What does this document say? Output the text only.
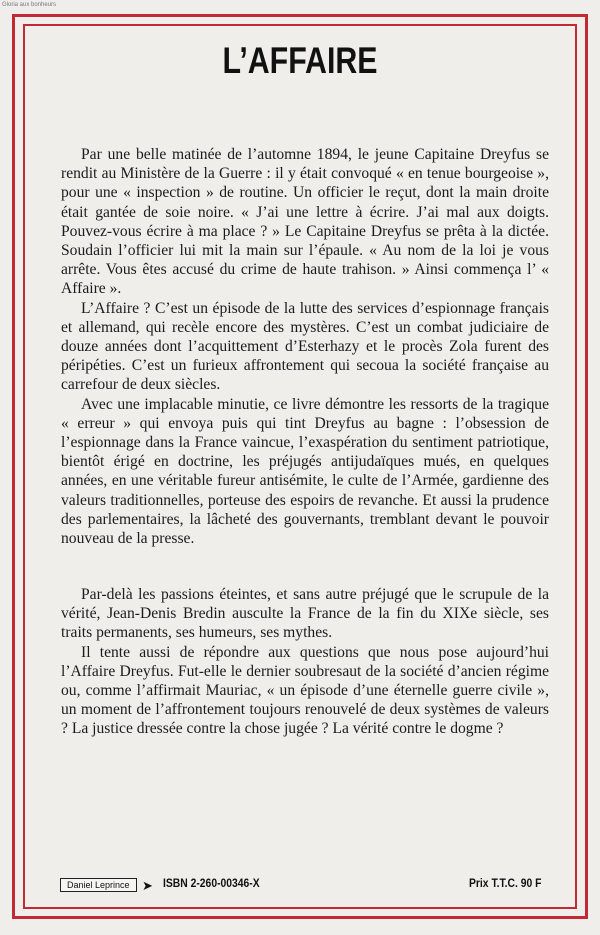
Gloria aux bonheurs
L’AFFAIRE

Par une belle matinée de l’automne 1894, le jeune Capitaine Dreyfus se rendit au Ministère de la Guerre : il y était convoqué « en tenue bourgeoise », pour une « inspection » de routine. Un officier le reçut, dont la main droite était gantée de soie noire. « J’ai une lettre à écrire. J’ai mal aux doigts. Pouvez-vous écrire à ma place ? » Le Capitaine Dreyfus se prêta à la dictée. Soudain l’officier lui mit la main sur l’épaule. « Au nom de la loi je vous arrête. Vous êtes accusé du crime de haute trahison. » Ainsi commença l’ « Affaire ».

L’Affaire ? C’est un épisode de la lutte des services d’espionnage français et allemand, qui recèle encore des mystères. C’est un combat judiciaire de douze années dont l’acquittement d’Esterhazy et le procès Zola furent des péripéties. C’est un furieux affrontement qui secoua la société française au carrefour de deux siècles.

Avec une implacable minutie, ce livre démontre les ressorts de la tragique « erreur » qui envoya puis qui tint Dreyfus au bagne : l’obsession de l’espionnage dans la France vaincue, l’exaspération du sentiment patriotique, bientôt érigé en doctrine, les préjugés antijudaïques mués, en quelques années, en une véritable fureur antisémite, le culte de l’Armée, gardienne des valeurs traditionnelles, porteuse des espoirs de revanche. Et aussi la prudence des parlementaires, la lâcheté des gouvernants, tremblant devant le pouvoir nouveau de la presse.

Par-delà les passions éteintes, et sans autre préjugé que le scrupule de la vérité, Jean-Denis Bredin ausculte la France de la fin du XIXe siècle, ses traits permanents, ses humeurs, ses mythes.

Il tente aussi de répondre aux questions que nous pose aujourd’hui l’Affaire Dreyfus. Fut-elle le dernier soubresaut de la société d’ancien régime ou, comme l’affirmait Mauriac, « un épisode d’une éternelle guerre civile », un moment de l’affrontement toujours renouvelé de deux systèmes de valeurs ? La justice dressée contre la chose jugée ? La vérité contre le dogme ?

Daniel Leprince ➤ ISBN 2-260-00346-X	Prix T.T.C. 90 F
